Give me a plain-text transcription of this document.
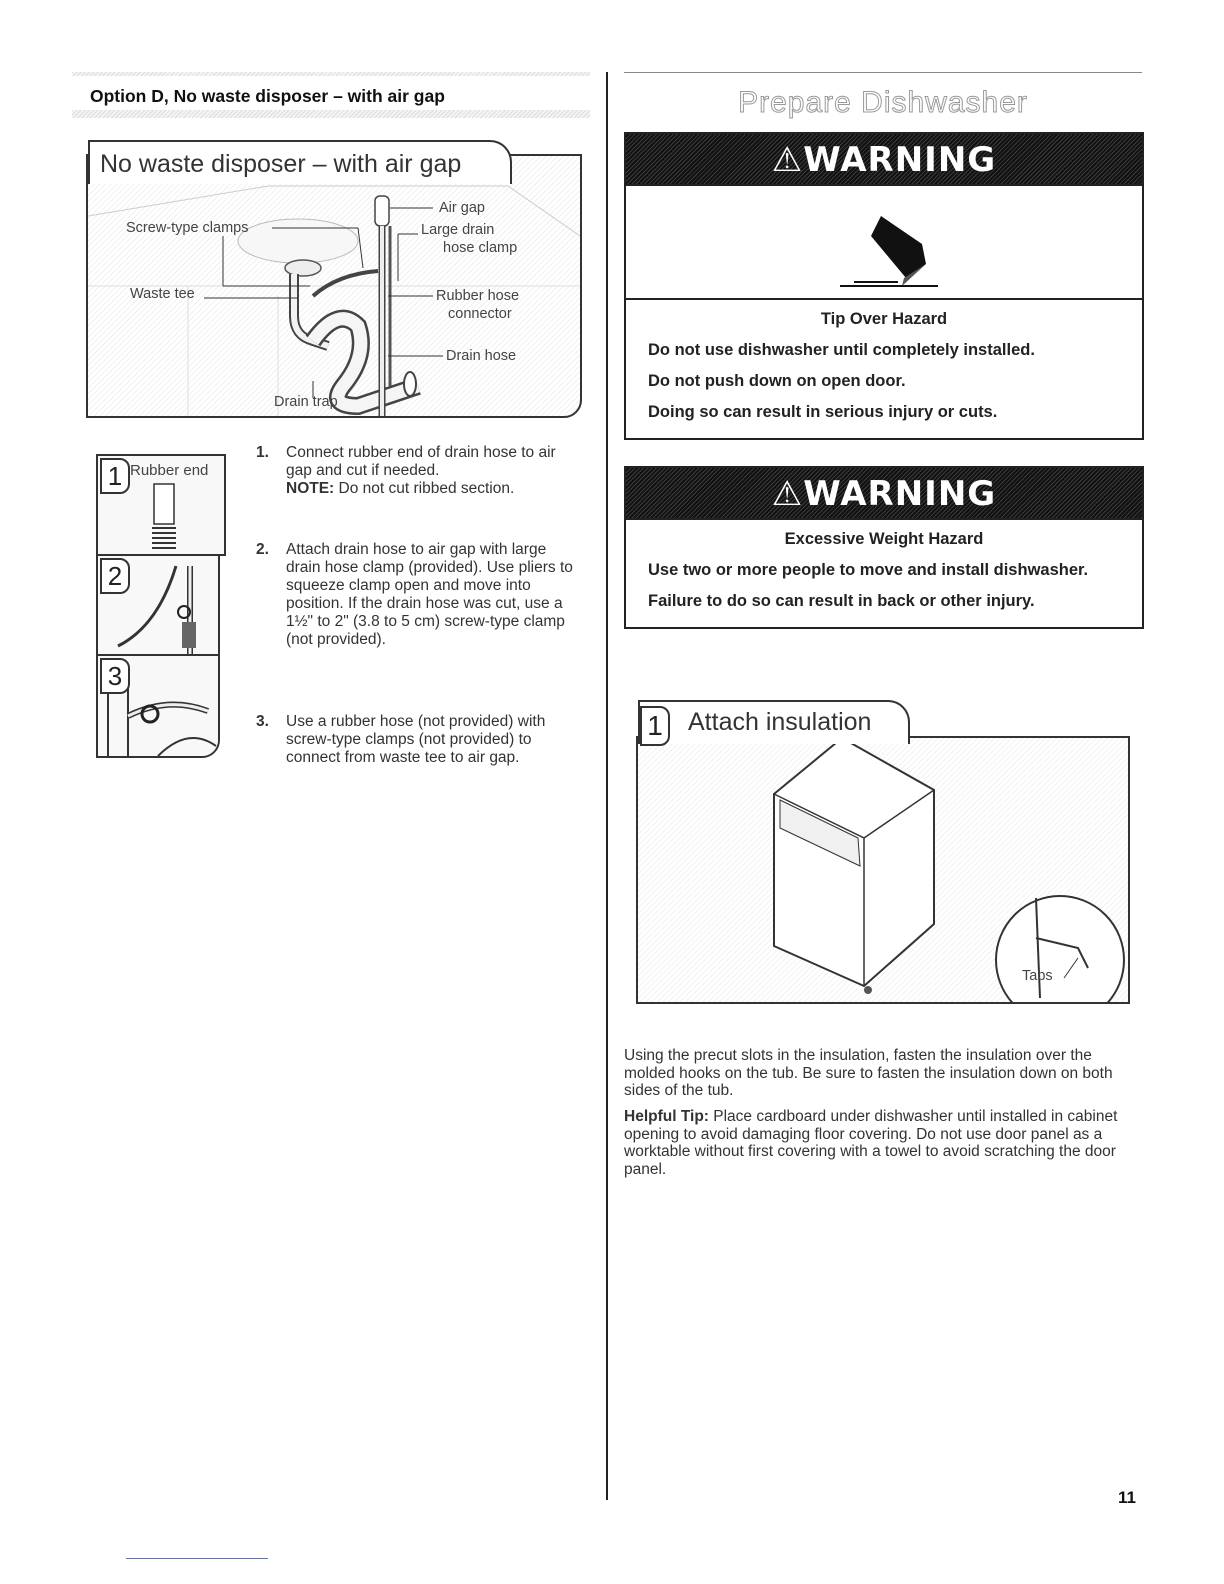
Option D, No waste disposer – with air gap
Air gap
Screw-type clamps	Large drain
hose clamp
Waste tee	Rubber hose
connector
Drain hose
Drain trap
No waste disposer – with air gap
1 Rubber end
2
3
1.	Connect rubber end of drain hose to air gap and cut if needed.
NOTE: Do not cut ribbed section.
2.	Attach drain hose to air gap with large drain hose clamp (provided). Use pliers to squeeze clamp open and move into position. If the drain hose was cut, use a 1½" to 2" (3.8 to 5 cm) screw-type clamp (not provided).
3.	Use a rubber hose (not provided) with screw-type clamps (not provided) to connect from waste tee to air gap.
Prepare Dishwasher
⚠WARNING
Tip Over Hazard
Do not use dishwasher until completely installed.
Do not push down on open door.
Doing so can result in serious injury or cuts.
⚠WARNING
Excessive Weight Hazard
Use two or more people to move and install dishwasher.
Failure to do so can result in back or other injury.
Tabs
1 Attach insulation
Using the precut slots in the insulation, fasten the insulation over the molded hooks on the tub. Be sure to fasten the insulation down on both sides of the tub.
Helpful Tip: Place cardboard under dishwasher until installed in cabinet opening to avoid damaging floor covering. Do not use door panel as a worktable without first covering with a towel to avoid scratching the door panel.
11
